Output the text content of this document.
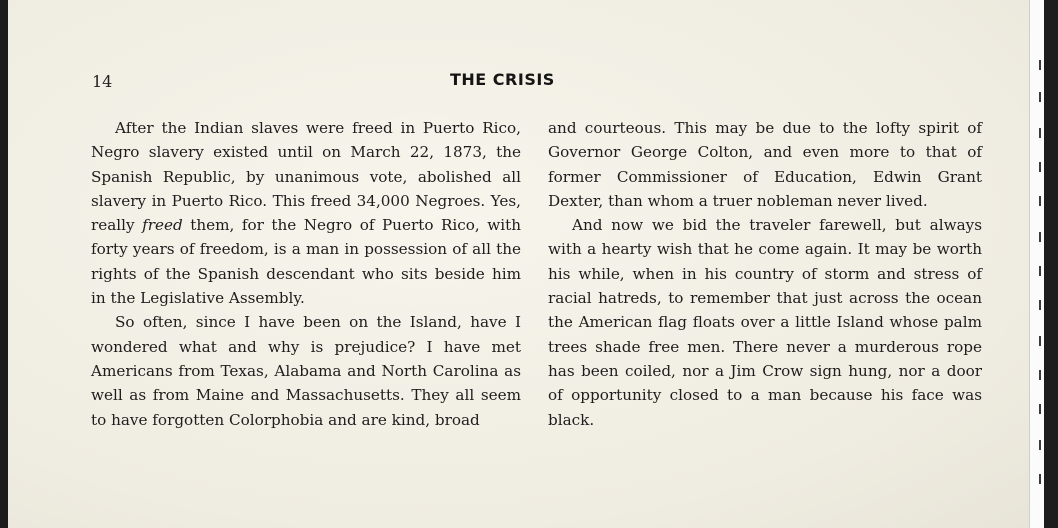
14	THE CRISIS

After the Indian slaves were freed in Puerto Rico, Negro slavery existed until on March 22, 1873, the Spanish Republic, by unanimous vote, abolished all slavery in Puerto Rico. This freed 34,000 Negroes. Yes, really freed them, for the Negro of Puerto Rico, with forty years of freedom, is a man in possession of all the rights of the Spanish descendant who sits beside him in the Legislative Assembly.

So often, since I have been on the Island, have I wondered what and why is prejudice? I have met Americans from Texas, Alabama and North Carolina as well as from Maine and Massachusetts. They all seem to have forgotten Colorphobia and are kind, broad

and courteous. This may be due to the lofty spirit of Governor George Colton, and even more to that of former Commissioner of Education, Edwin Grant Dexter, than whom a truer nobleman never lived.

And now we bid the traveler farewell, but always with a hearty wish that he come again. It may be worth his while, when in his country of storm and stress of racial hatreds, to remember that just across the ocean the American flag floats over a little Island whose palm trees shade free men. There never a murderous rope has been coiled, nor a Jim Crow sign hung, nor a door of opportunity closed to a man because his face was black.
